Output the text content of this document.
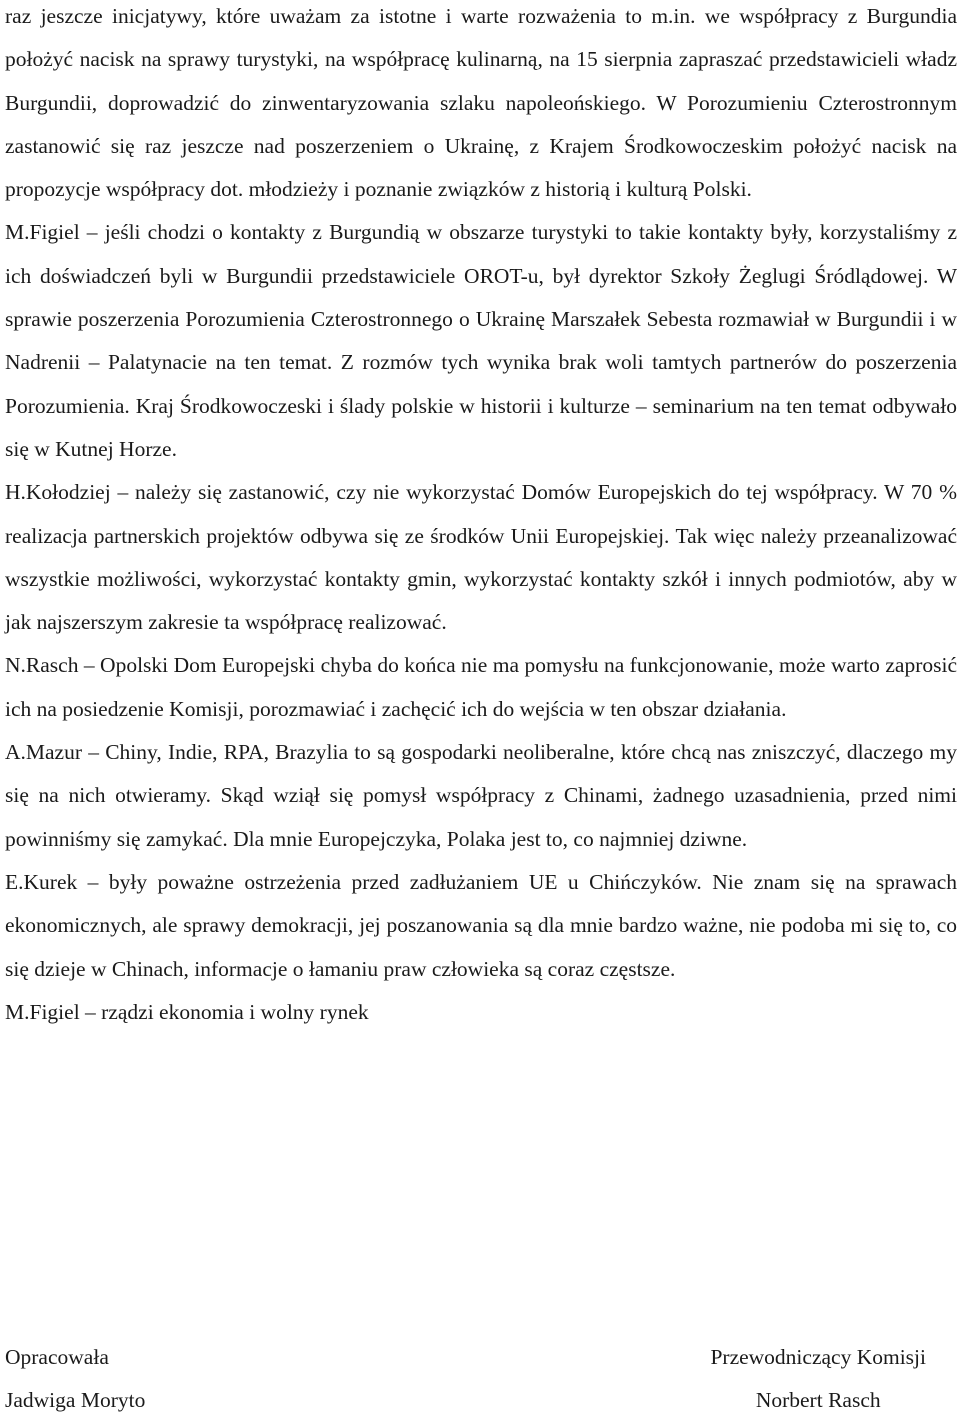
raz jeszcze inicjatywy, które uważam za istotne i warte rozważenia to m.in. we współpracy z Burgundia położyć nacisk na sprawy turystyki, na współpracę kulinarną, na 15 sierpnia zapraszać przedstawicieli władz Burgundii, doprowadzić do zinwentaryzowania szlaku napoleońskiego. W Porozumieniu Czterostronnym zastanowić się raz jeszcze nad poszerzeniem o Ukrainę, z Krajem Środkowoczeskim położyć nacisk na propozycje współpracy dot. młodzieży i poznanie związków z historią i kulturą Polski.

M.Figiel – jeśli chodzi o kontakty z Burgundią w obszarze turystyki to takie kontakty były, korzystaliśmy z ich doświadczeń byli w Burgundii przedstawiciele OROT-u, był dyrektor Szkoły Żeglugi Śródlądowej. W sprawie poszerzenia Porozumienia Czterostronnego o Ukrainę Marszałek Sebesta rozmawiał w Burgundii i w Nadrenii – Palatynacie na ten temat. Z rozmów tych wynika brak woli tamtych partnerów do poszerzenia Porozumienia. Kraj Środkowoczeski i ślady polskie w historii i kulturze – seminarium na ten temat odbywało się w Kutnej Horze.

H.Kołodziej – należy się zastanowić, czy nie wykorzystać Domów Europejskich do tej współpracy. W 70 % realizacja partnerskich projektów odbywa się ze środków Unii Europejskiej. Tak więc należy przeanalizować wszystkie możliwości, wykorzystać kontakty gmin, wykorzystać kontakty szkół i innych podmiotów, aby w jak najszerszym zakresie ta współpracę realizować.

N.Rasch – Opolski Dom Europejski chyba do końca nie ma pomysłu na funkcjonowanie, może warto zaprosić ich na posiedzenie Komisji, porozmawiać i zachęcić ich do wejścia w ten obszar działania.

A.Mazur – Chiny, Indie, RPA, Brazylia to są gospodarki neoliberalne, które chcą nas zniszczyć, dlaczego my się na nich otwieramy. Skąd wziął się pomysł współpracy z Chinami, żadnego uzasadnienia, przed nimi powinniśmy się zamykać. Dla mnie Europejczyka, Polaka jest to, co najmniej dziwne.

E.Kurek – były poważne ostrzeżenia przed zadłużaniem UE u Chińczyków. Nie znam się na sprawach ekonomicznych, ale sprawy demokracji, jej poszanowania są dla mnie bardzo ważne, nie podoba mi się to, co się dzieje w Chinach, informacje o łamaniu praw człowieka są coraz częstsze.

M.Figiel – rządzi ekonomia i wolny rynek

Opracowała
Jadwiga Moryto
Przewodniczący Komisji
Norbert Rasch
